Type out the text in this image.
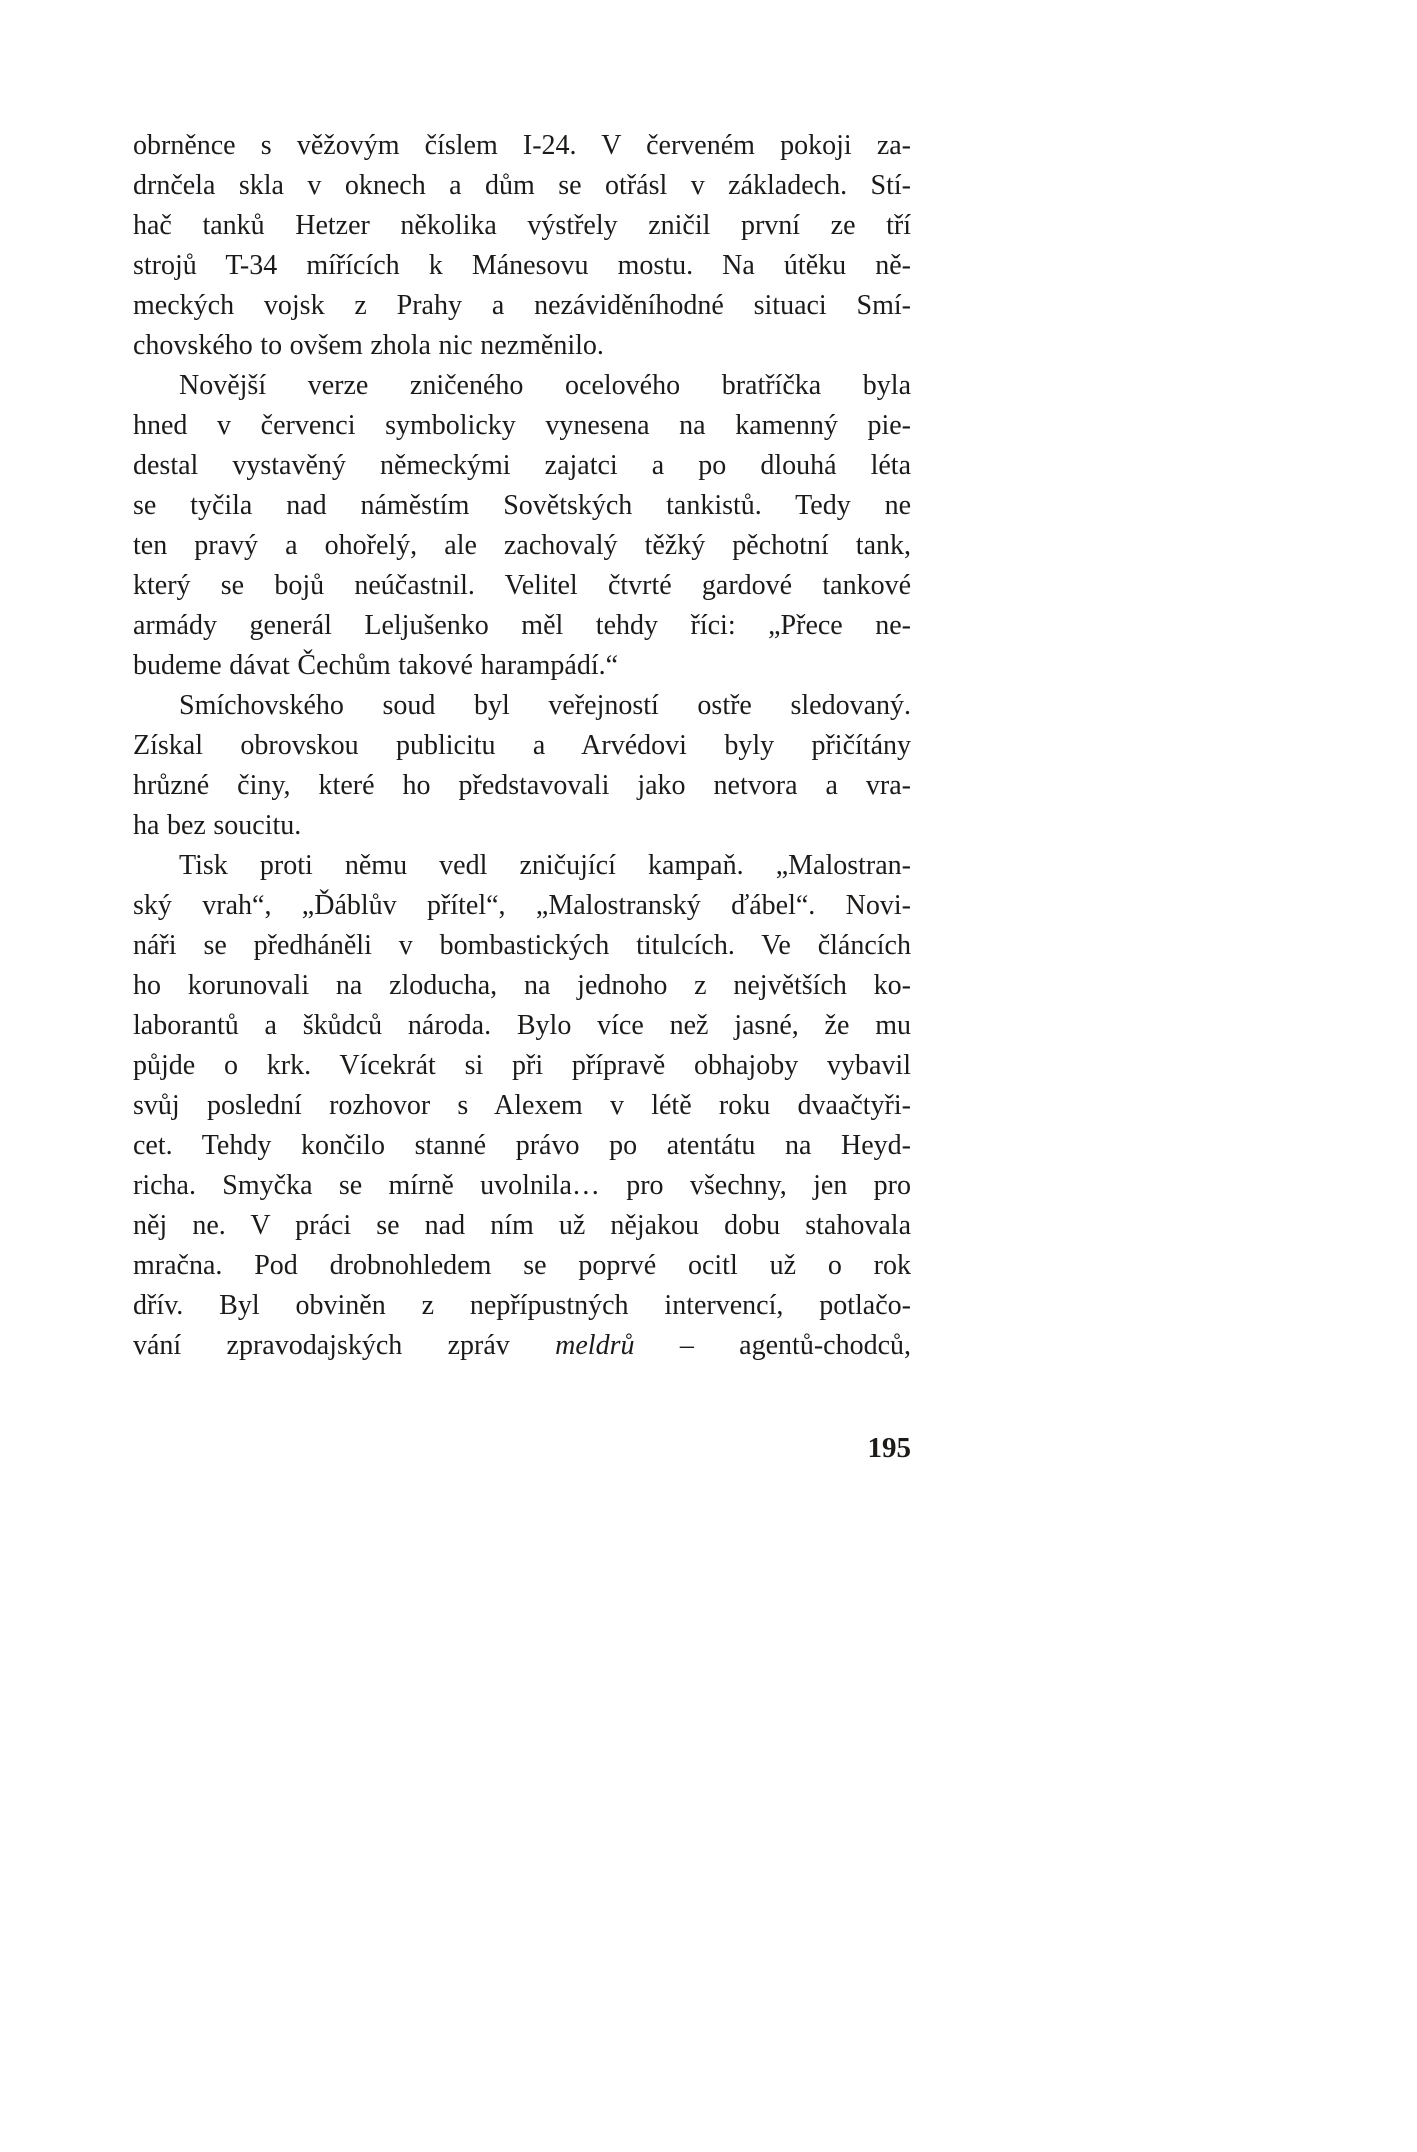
obrněnce s věžovým číslem I-24. V červeném pokoji za-
drnčela skla v oknech a dům se otřásl v základech. Stí-
hač tanků Hetzer několika výstřely zničil první ze tří
strojů T-34 mířících k Mánesovu mostu. Na útěku ně-
meckých vojsk z Prahy a nezáviděníhodné situaci Smí-
chovského to ovšem zhola nic nezměnilo.
Novější verze zničeného ocelového bratříčka byla
hned v červenci symbolicky vynesena na kamenný pie-
destal vystavěný německými zajatci a po dlouhá léta
se tyčila nad náměstím Sovětských tankistů. Tedy ne
ten pravý a ohořelý, ale zachovalý těžký pěchotní tank,
který se bojů neúčastnil. Velitel čtvrté gardové tankové
armády generál Leljušenko měl tehdy říci: „Přece ne-
budeme dávat Čechům takové harampádí.“
Smíchovského soud byl veřejností ostře sledovaný.
Získal obrovskou publicitu a Arvédovi byly přičítány
hrůzné činy, které ho představovali jako netvora a vra-
ha bez soucitu.
Tisk proti němu vedl zničující kampaň. „Malostran-
ský vrah“, „Ďáblův přítel“, „Malostranský ďábel“. Novi-
náři se předháněli v bombastických titulcích. Ve článcích
ho korunovali na zloducha, na jednoho z největších ko-
laborantů a škůdců národa. Bylo více než jasné, že mu
půjde o krk. Vícekrát si při přípravě obhajoby vybavil
svůj poslední rozhovor s Alexem v létě roku dvaačtyři-
cet. Tehdy končilo stanné právo po atentátu na Heyd-
richa. Smyčka se mírně uvolnila… pro všechny, jen pro
něj ne. V práci se nad ním už nějakou dobu stahovala
mračna. Pod drobnohledem se poprvé ocitl už o rok
dřív. Byl obviněn z nepřípustných intervencí, potlačo-
vání zpravodajských zpráv meldrů – agentů-chodců,
195
